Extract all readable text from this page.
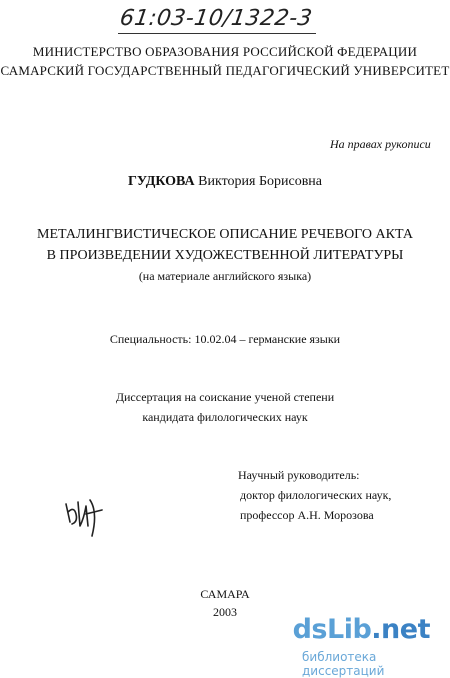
61:03-10/1322-3
МИНИСТЕРСТВО ОБРАЗОВАНИЯ РОССИЙСКОЙ ФЕДЕРАЦИИ
САМАРСКИЙ ГОСУДАРСТВЕННЫЙ ПЕДАГОГИЧЕСКИЙ УНИВЕРСИТЕТ
На правах рукописи
ГУДКОВА Виктория Борисовна
МЕТАЛИНГВИСТИЧЕСКОЕ ОПИСАНИЕ РЕЧЕВОГО АКТА
В ПРОИЗВЕДЕНИИ ХУДОЖЕСТВЕННОЙ ЛИТЕРАТУРЫ
(на материале английского языка)
Специальность: 10.02.04 – германские языки
Диссертация на соискание ученой степени
кандидата филологических наук
Научный руководитель:
доктор филологических наук,
профессор А.Н. Морозова
САМАРА
2003
dsLib.net
библиотека диссертаций
